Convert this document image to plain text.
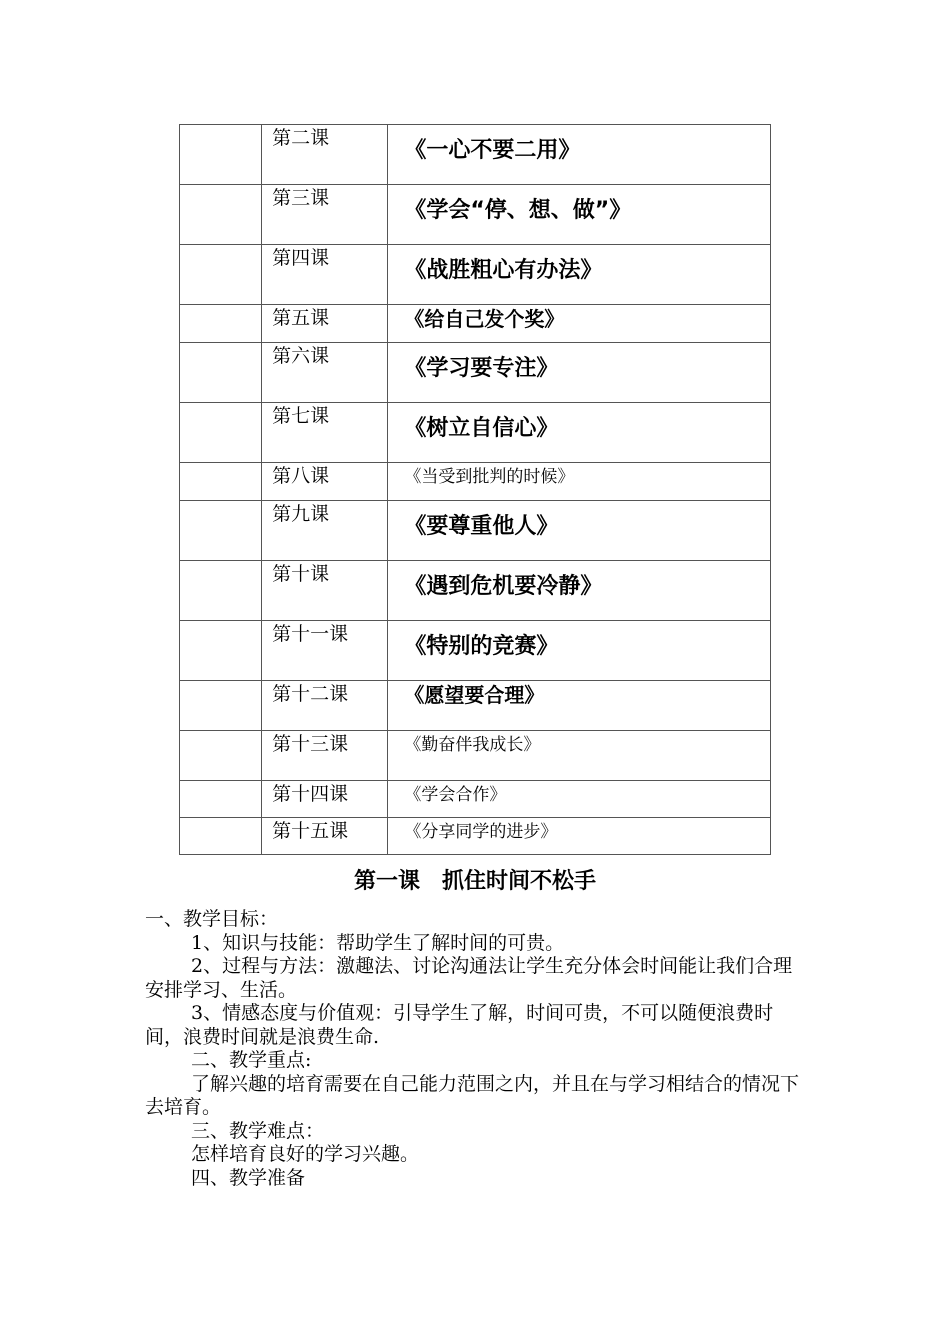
	第二课	《一心不要二用》

	第三课	《学会“停、想、做”》

	第四课	《战胜粗心有办法》

	第五课	《给自己发个奖》

	第六课	《学习要专注》

	第七课	《树立自信心》

	第八课	《当受到批判的时候》

	第九课	《要尊重他人》

	第十课	《遇到危机要冷静》

	第十一课	《特别的竞赛》

	第十二课	《愿望要合理》

	第十三课	《勤奋伴我成长》

	第十四课	《学会合作》

	第十五课	《分享同学的进步》
第一课　抓住时间不松手

一、教学目标：

1、知识与技能：帮助学生了解时间的可贵。

2、过程与方法：激趣法、讨论沟通法让学生充分体会时间能让我们合理安排学习、生活。

3、情感态度与价值观：引导学生了解，时间可贵，不可以随便浪费时间，浪费时间就是浪费生命.

二、教学重点:

了解兴趣的培育需要在自己能力范围之内，并且在与学习相结合的情况下去培育。

三、教学难点：

怎样培育良好的学习兴趣。

四、教学准备
